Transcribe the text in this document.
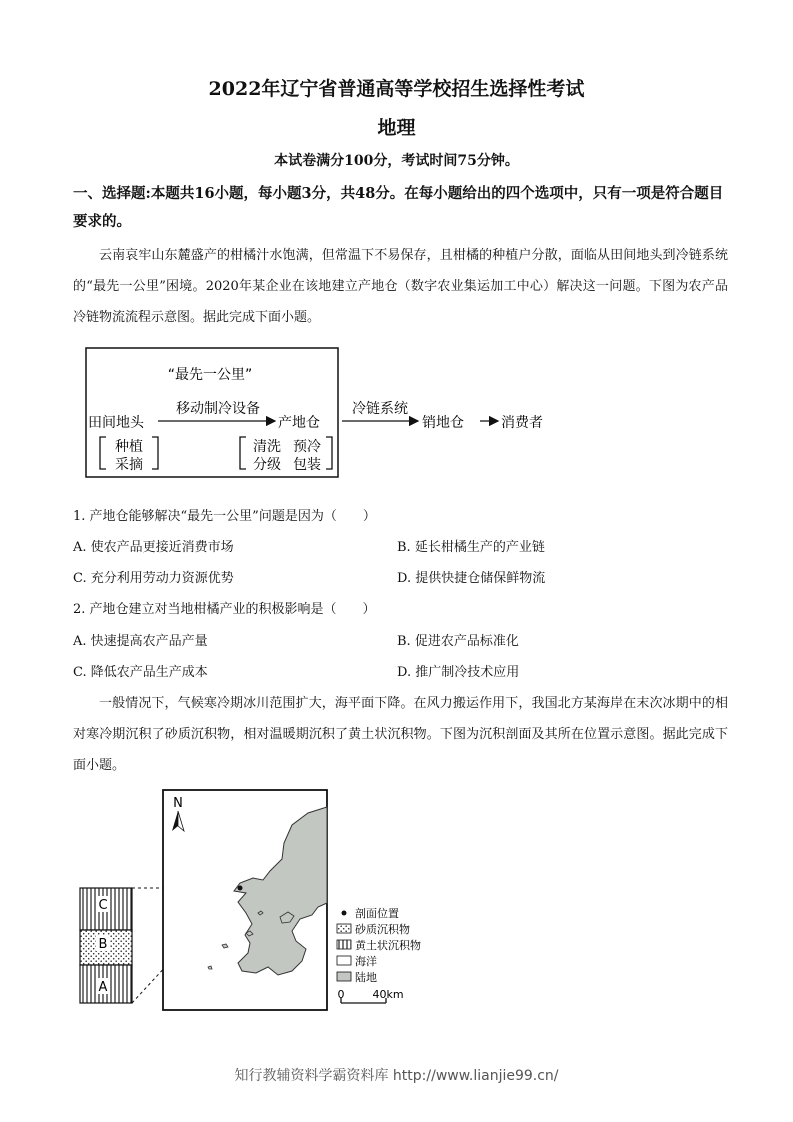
2022年辽宁省普通高等学校招生选择性考试
地理
本试卷满分100分，考试时间75分钟。
一、选择题:本题共16小题，每小题3分，共48分。在每小题给出的四个选项中，只有一项是符合题目要求的。
云南哀牢山东麓盛产的柑橘汁水饱满，但常温下不易保存，且柑橘的种植户分散，面临从田间地头到冷链系统的“最先一公里”困境。2020年某企业在该地建立产地仓（数字农业集运加工中心）解决这一问题。下图为农产品冷链物流流程示意图。据此完成下面小题。
“最先一公里”
田间地头
移动制冷设备
产地仓
冷链系统
销地仓	消费者
种植
采摘
清洗 预冷
分级 包装
1. 产地仓能够解决“最先一公里”问题是因为（　　）
A. 使农产品更接近消费市场	B. 延长柑橘生产的产业链
C. 充分利用劳动力资源优势	D. 提供快捷仓储保鲜物流
2. 产地仓建立对当地柑橘产业的积极影响是（　　）
A. 快速提高农产品产量	B. 促进农产品标准化
C. 降低农产品生产成本	D. 推广制冷技术应用
一般情况下，气候寒冷期冰川范围扩大，海平面下降。在风力搬运作用下，我国北方某海岸在末次冰期中的相对寒冷期沉积了砂质沉积物，相对温暖期沉积了黄土状沉积物。下图为沉积剖面及其所在位置示意图。据此完成下面小题。
C
B
A
N
剖面位置
砂质沉积物
黄土状沉积物
海洋
陆地
0	40km
知行教辅资料学霸资料库 http://www.lianjie99.cn/
